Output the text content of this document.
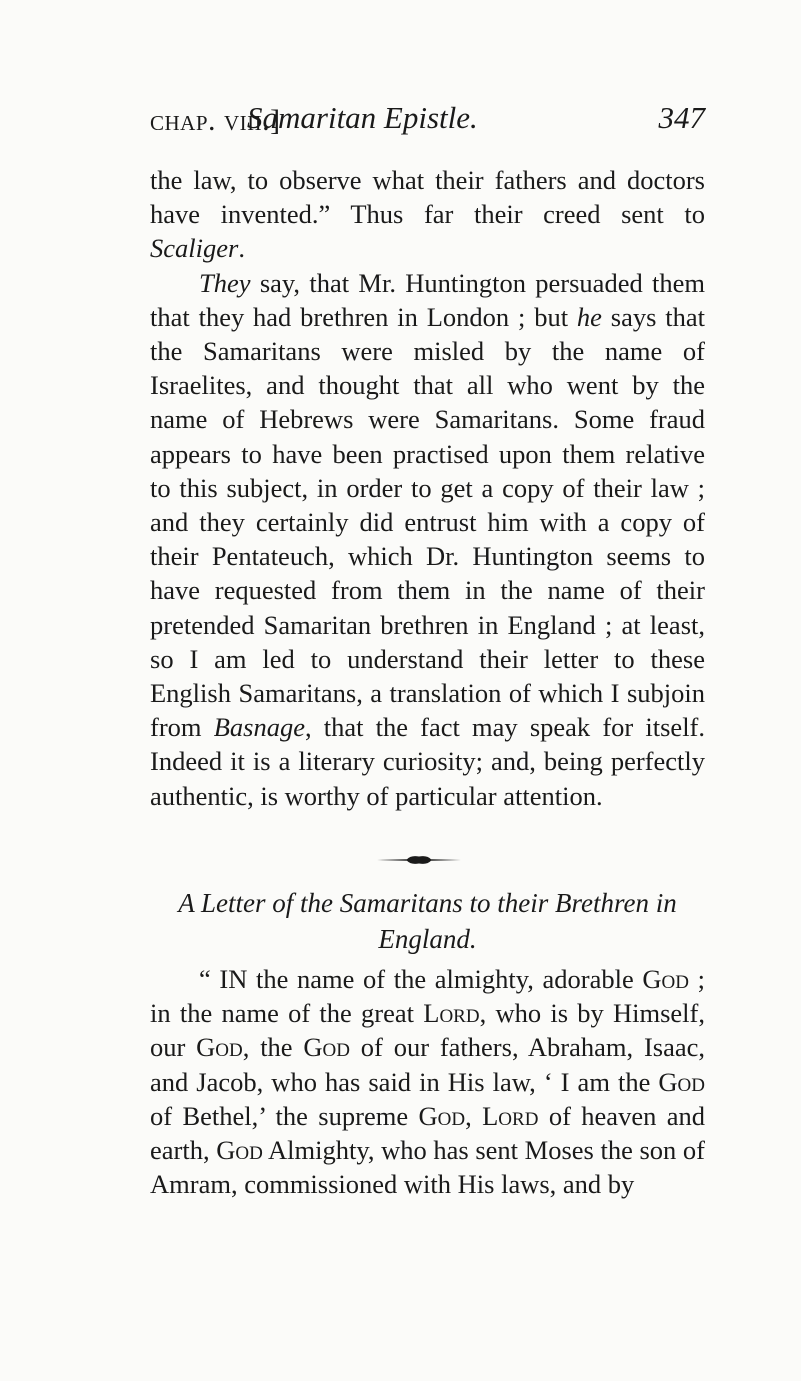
chap. viii.]
Samaritan Epistle.	347

the law, to observe what their fathers and doctors have invented.” Thus far their creed sent to Scaliger.

They say, that Mr. Huntington persuaded them that they had brethren in London ; but he says that the Samaritans were misled by the name of Israelites, and thought that all who went by the name of Hebrews were Samaritans. Some fraud appears to have been practised upon them relative to this subject, in order to get a copy of their law ; and they certainly did entrust him with a copy of their Pentateuch, which Dr. Huntington seems to have requested from them in the name of their pretended Samaritan brethren in England ; at least, so I am led to understand their letter to these English Samaritans, a translation of which I subjoin from Basnage, that the fact may speak for itself. Indeed it is a literary curiosity; and, being perfectly authentic, is worthy of particular attention.

A Letter of the Samaritans to their Brethren in England.

“ IN the name of the almighty, adorable God ; in the name of the great Lord, who is by Himself, our God, the God of our fathers, Abraham, Isaac, and Jacob, who has said in His law, ‘ I am the God of Bethel,’ the supreme God, Lord of heaven and earth, God Almighty, who has sent Moses the son of Amram, commissioned with His laws, and by
